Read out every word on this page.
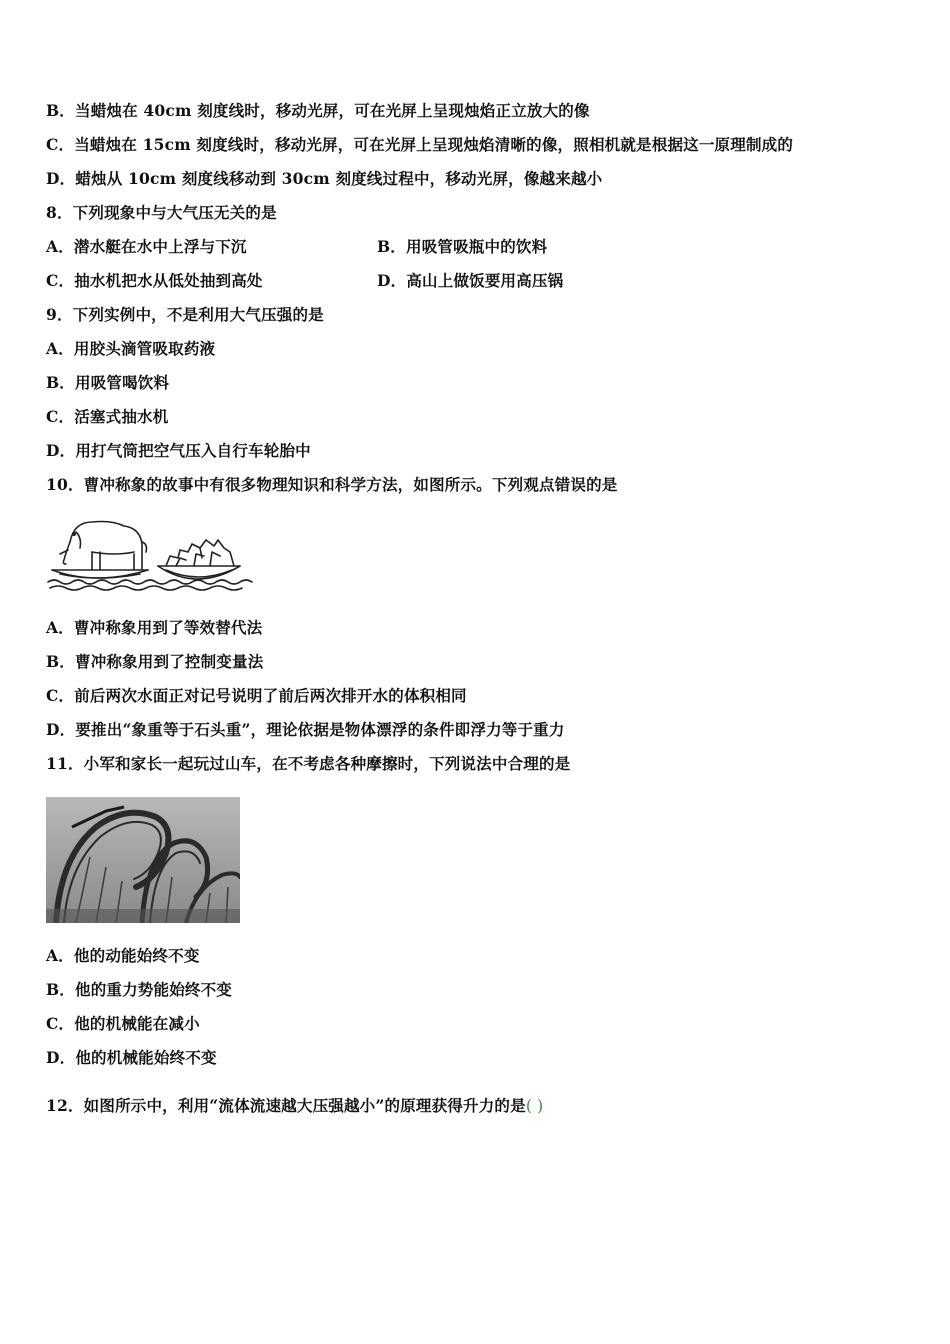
B．当蜡烛在 40cm 刻度线时，移动光屏，可在光屏上呈现烛焰正立放大的像
C．当蜡烛在 15cm 刻度线时，移动光屏，可在光屏上呈现烛焰清晰的像，照相机就是根据这一原理制成的
D．蜡烛从 10cm 刻度线移动到 30cm 刻度线过程中，移动光屏，像越来越小
8．下列现象中与大气压无关的是
A．潜水艇在水中上浮与下沉	B．用吸管吸瓶中的饮料
C．抽水机把水从低处抽到高处	D．高山上做饭要用高压锅
9．下列实例中，不是利用大气压强的是
A．用胶头滴管吸取药液
B．用吸管喝饮料
C．活塞式抽水机
D．用打气筒把空气压入自行车轮胎中
10．曹冲称象的故事中有很多物理知识和科学方法，如图所示。下列观点错误的是
A．曹冲称象用到了等效替代法
B．曹冲称象用到了控制变量法
C．前后两次水面正对记号说明了前后两次排开水的体积相同
D．要推出“象重等于石头重”，理论依据是物体漂浮的条件即浮力等于重力
11．小军和家长一起玩过山车，在不考虑各种摩擦时，下列说法中合理的是
A．他的动能始终不变
B．他的重力势能始终不变
C．他的机械能在减小
D．他的机械能始终不变
12．如图所示中，利用“流体流速越大压强越小”的原理获得升力的是( )
